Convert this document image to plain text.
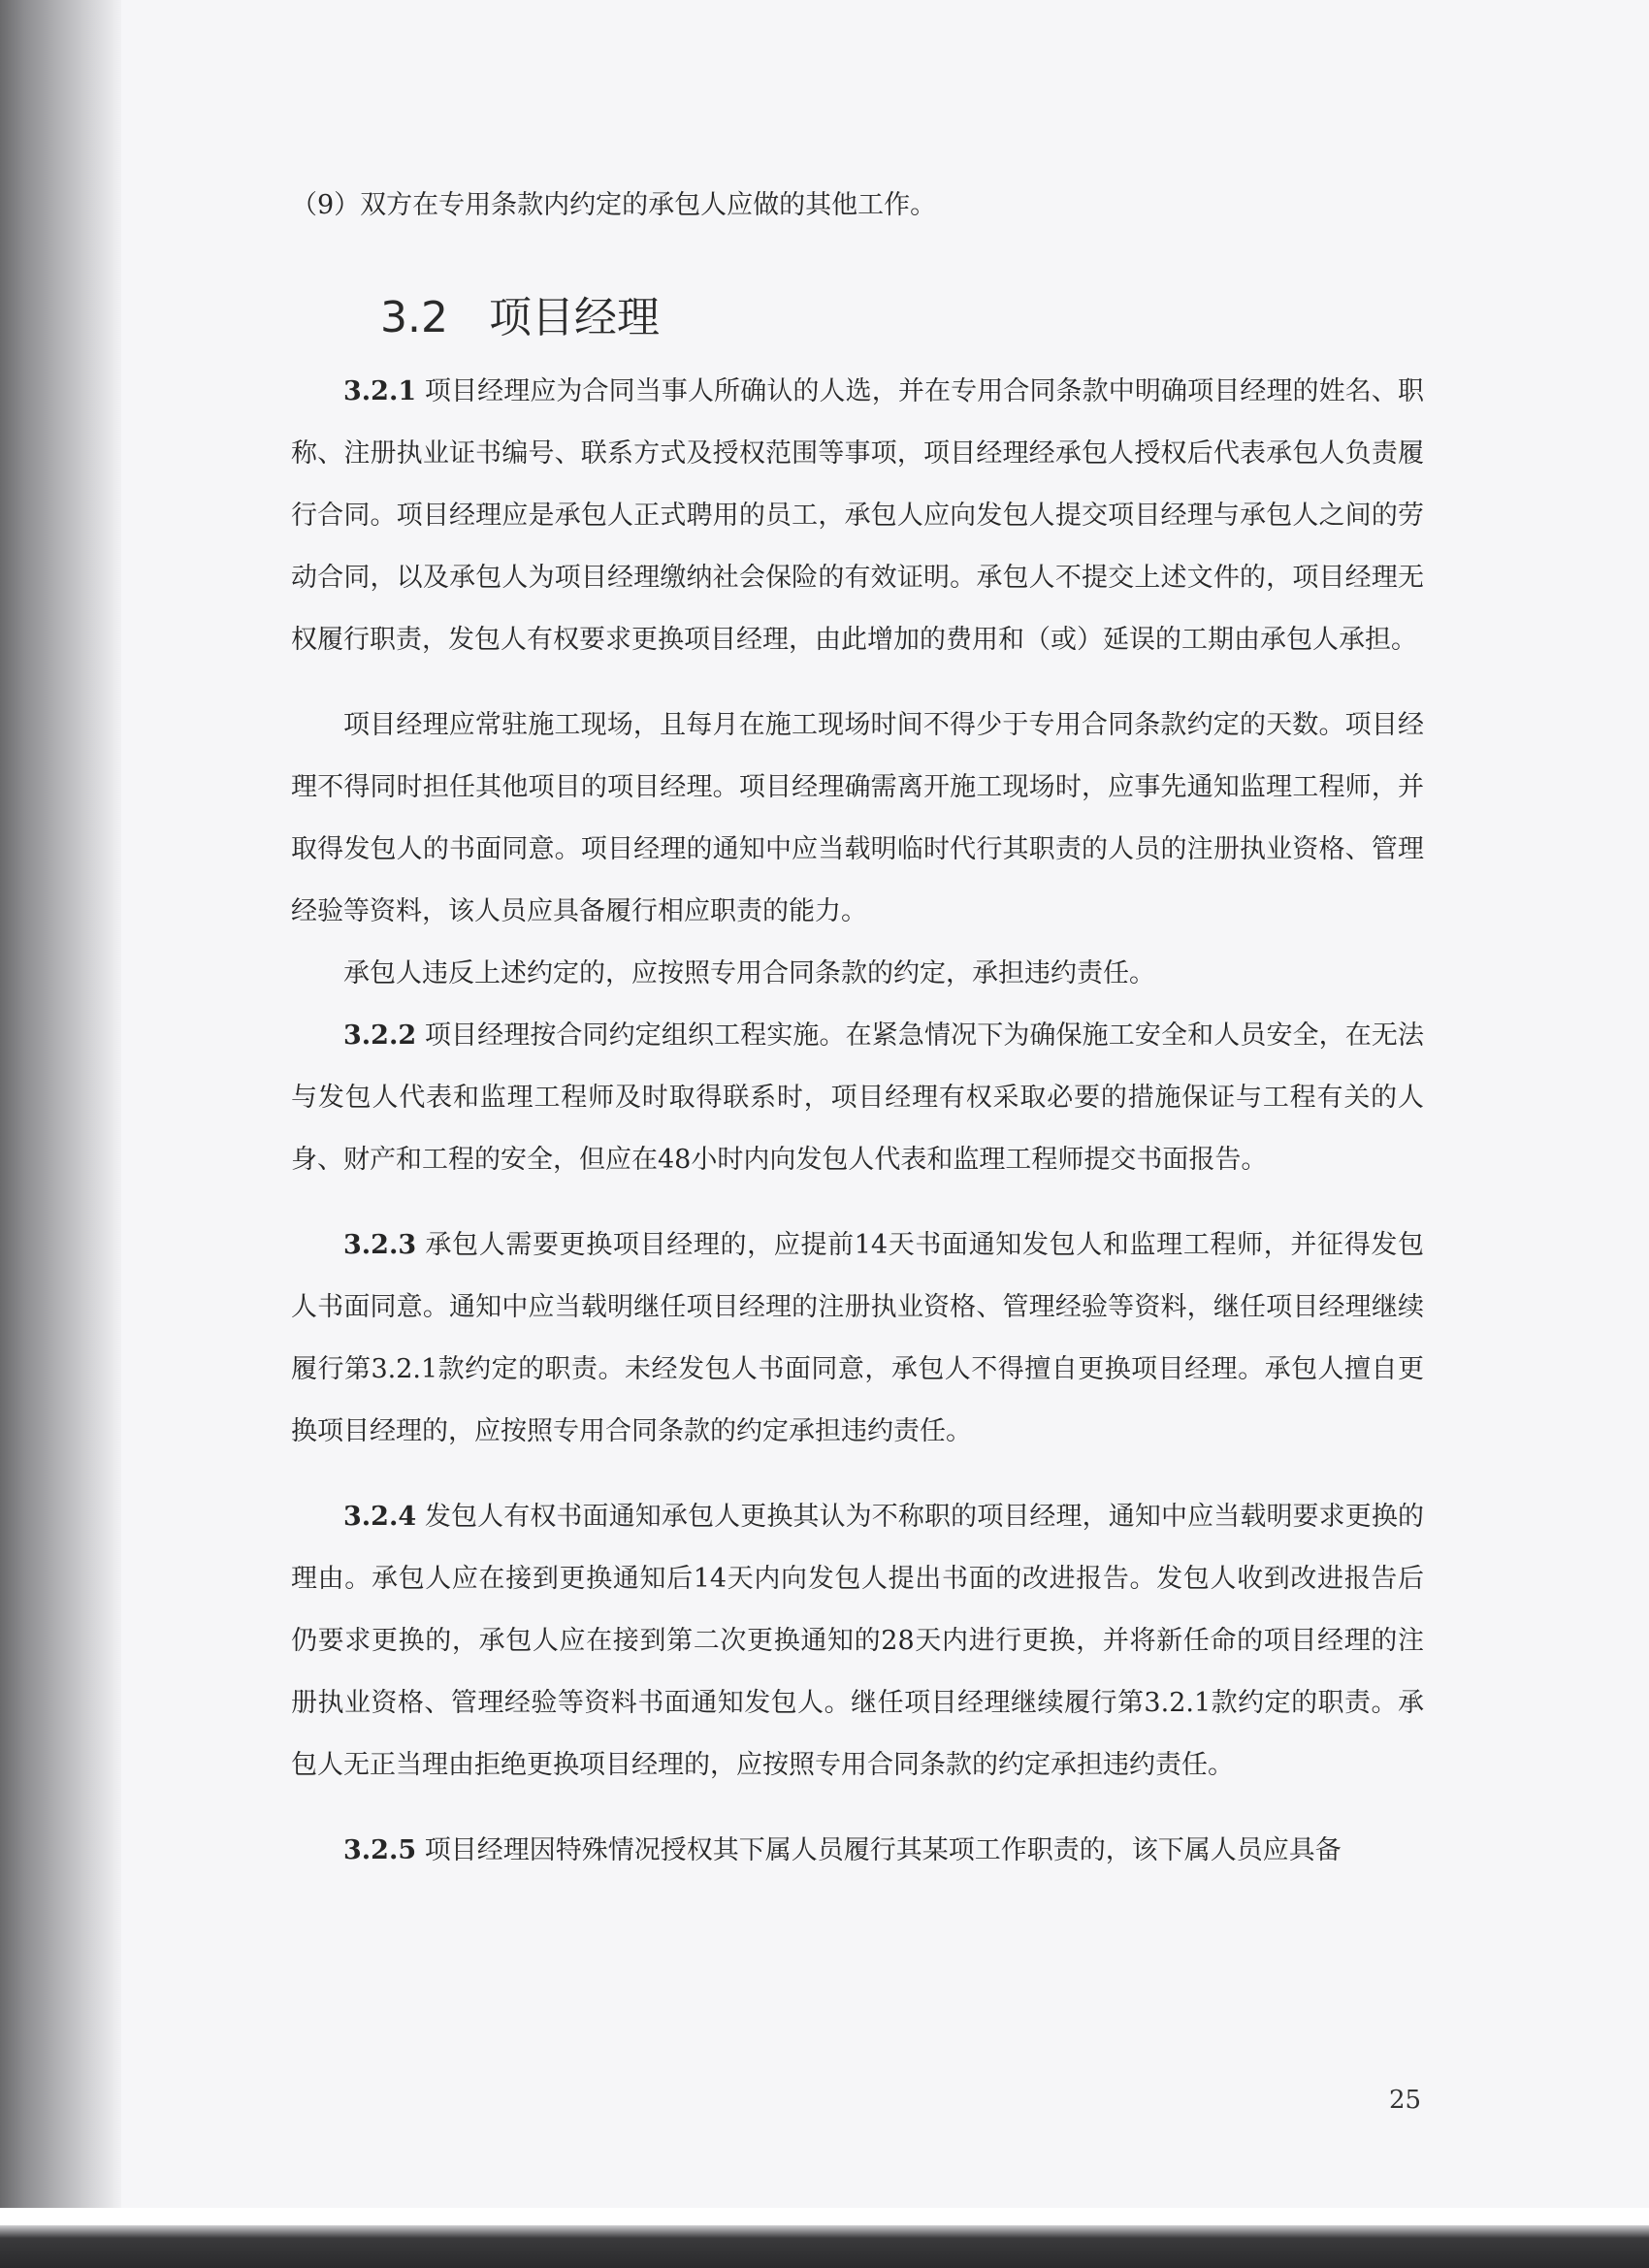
（9）双方在专用条款内约定的承包人应做的其他工作。

3.2 项目经理

3.2.1 项目经理应为合同当事人所确认的人选，并在专用合同条款中明确项目经理的姓名、职称、注册执业证书编号、联系方式及授权范围等事项，项目经理经承包人授权后代表承包人负责履行合同。项目经理应是承包人正式聘用的员工，承包人应向发包人提交项目经理与承包人之间的劳动合同，以及承包人为项目经理缴纳社会保险的有效证明。承包人不提交上述文件的，项目经理无权履行职责，发包人有权要求更换项目经理，由此增加的费用和（或）延误的工期由承包人承担。

项目经理应常驻施工现场，且每月在施工现场时间不得少于专用合同条款约定的天数。项目经理不得同时担任其他项目的项目经理。项目经理确需离开施工现场时，应事先通知监理工程师，并取得发包人的书面同意。项目经理的通知中应当载明临时代行其职责的人员的注册执业资格、管理经验等资料，该人员应具备履行相应职责的能力。

承包人违反上述约定的，应按照专用合同条款的约定，承担违约责任。

3.2.2 项目经理按合同约定组织工程实施。在紧急情况下为确保施工安全和人员安全，在无法与发包人代表和监理工程师及时取得联系时，项目经理有权采取必要的措施保证与工程有关的人身、财产和工程的安全，但应在48小时内向发包人代表和监理工程师提交书面报告。

3.2.3 承包人需要更换项目经理的，应提前14天书面通知发包人和监理工程师，并征得发包人书面同意。通知中应当载明继任项目经理的注册执业资格、管理经验等资料，继任项目经理继续履行第3.2.1款约定的职责。未经发包人书面同意，承包人不得擅自更换项目经理。承包人擅自更换项目经理的，应按照专用合同条款的约定承担违约责任。

3.2.4 发包人有权书面通知承包人更换其认为不称职的项目经理，通知中应当载明要求更换的理由。承包人应在接到更换通知后14天内向发包人提出书面的改进报告。发包人收到改进报告后仍要求更换的，承包人应在接到第二次更换通知的28天内进行更换，并将新任命的项目经理的注册执业资格、管理经验等资料书面通知发包人。继任项目经理继续履行第3.2.1款约定的职责。承包人无正当理由拒绝更换项目经理的，应按照专用合同条款的约定承担违约责任。

3.2.5 项目经理因特殊情况授权其下属人员履行其某项工作职责的，该下属人员应具备

25
